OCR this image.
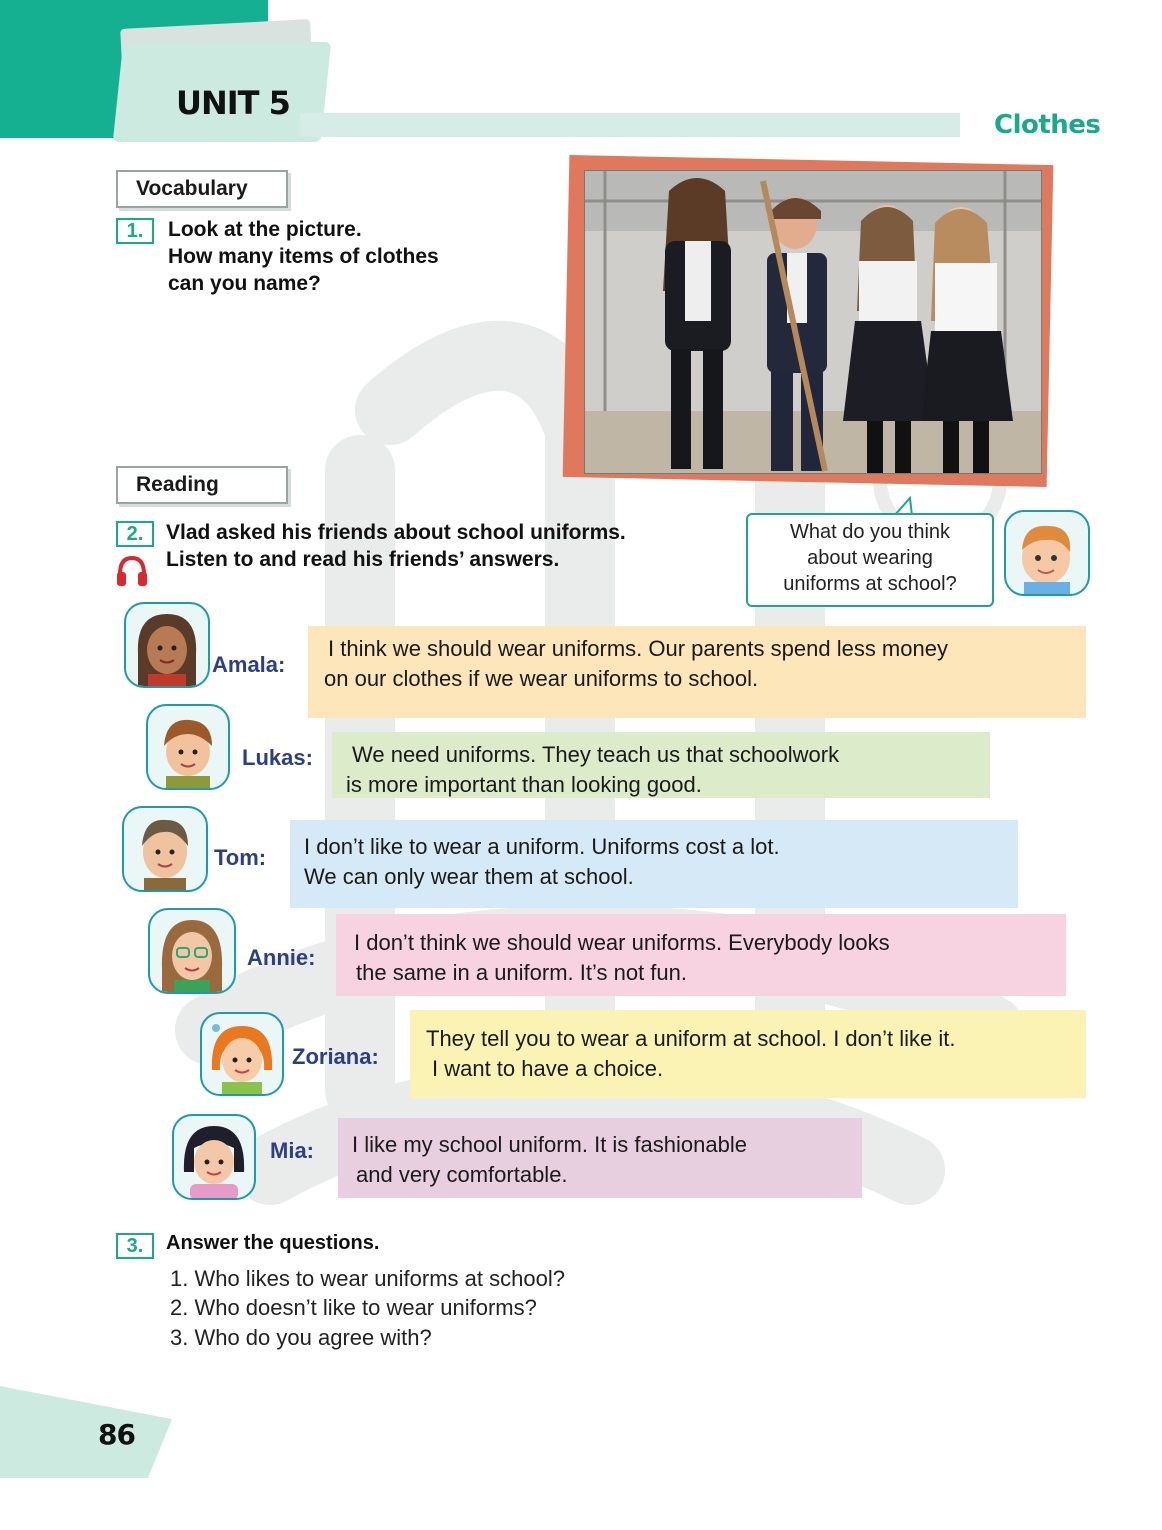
UNIT 5
Clothes
Vocabulary
1.	Look at the picture.
How many items of clothes
can you name?
Reading
2.	Vlad asked his friends about school uniforms.
Listen to and read his friends’ answers.
What do you think
about wearing
uniforms at school?
Amala:
I think we should wear uniforms. Our parents spend less money
on our clothes if we wear uniforms to school.
Lukas:	We need uniforms. They teach us that schoolwork
is more important than looking good.
Tom: I don’t like to wear a uniform. Uniforms cost a lot.
We can only wear them at school.
Annie:
I don’t think we should wear uniforms. Everybody looks
the same in a uniform. It’s not fun.
Zoriana:
They tell you to wear a uniform at school. I don’t like it.
I want to have a choice.
Mia: I like my school uniform. It is fashionable
and very comfortable.
3.	Answer the questions.
1. Who likes to wear uniforms at school?
2. Who doesn’t like to wear uniforms?
3. Who do you agree with?
86
